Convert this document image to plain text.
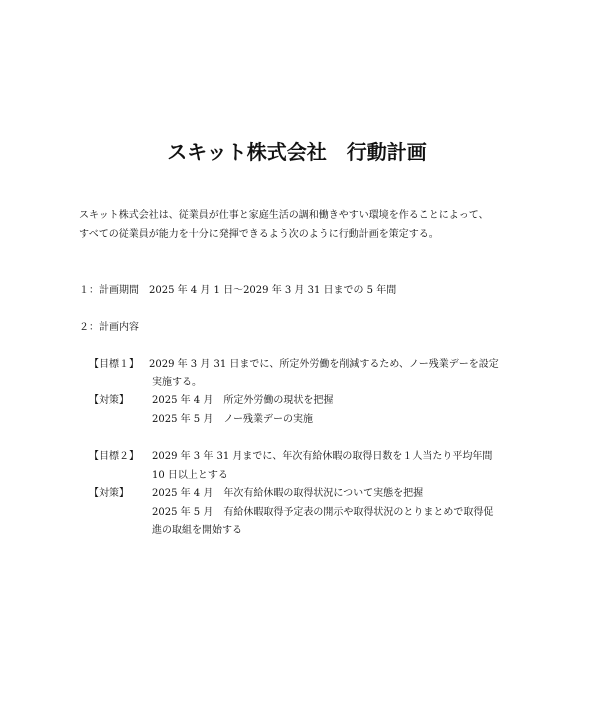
スキット株式会社　行動計画
スキット株式会社は、従業員が仕事と家庭生活の調和働きやすい環境を作ることによって、
すべての従業員が能力を十分に発揮できるよう次のように行動計画を策定する。
１：計画期間　2025 年 4 月 1 日～2029 年 3 月 31 日までの 5 年間
２：計画内容
【目標１】 2029 年 3 月 31 日までに、所定外労働を削減するため、ノー残業デーを設定
実施する。
【対策】 2025 年 4 月　所定外労働の現状を把握
2025 年 5 月　ノー残業デーの実施
【目標２】 2029 年 3 年 31 月までに、年次有給休暇の取得日数を１人当たり平均年間
10 日以上とする
【対策】 2025 年 4 月　年次有給休暇の取得状況について実態を把握
2025 年 5 月　有給休暇取得予定表の開示や取得状況のとりまとめで取得促
進の取組を開始する
